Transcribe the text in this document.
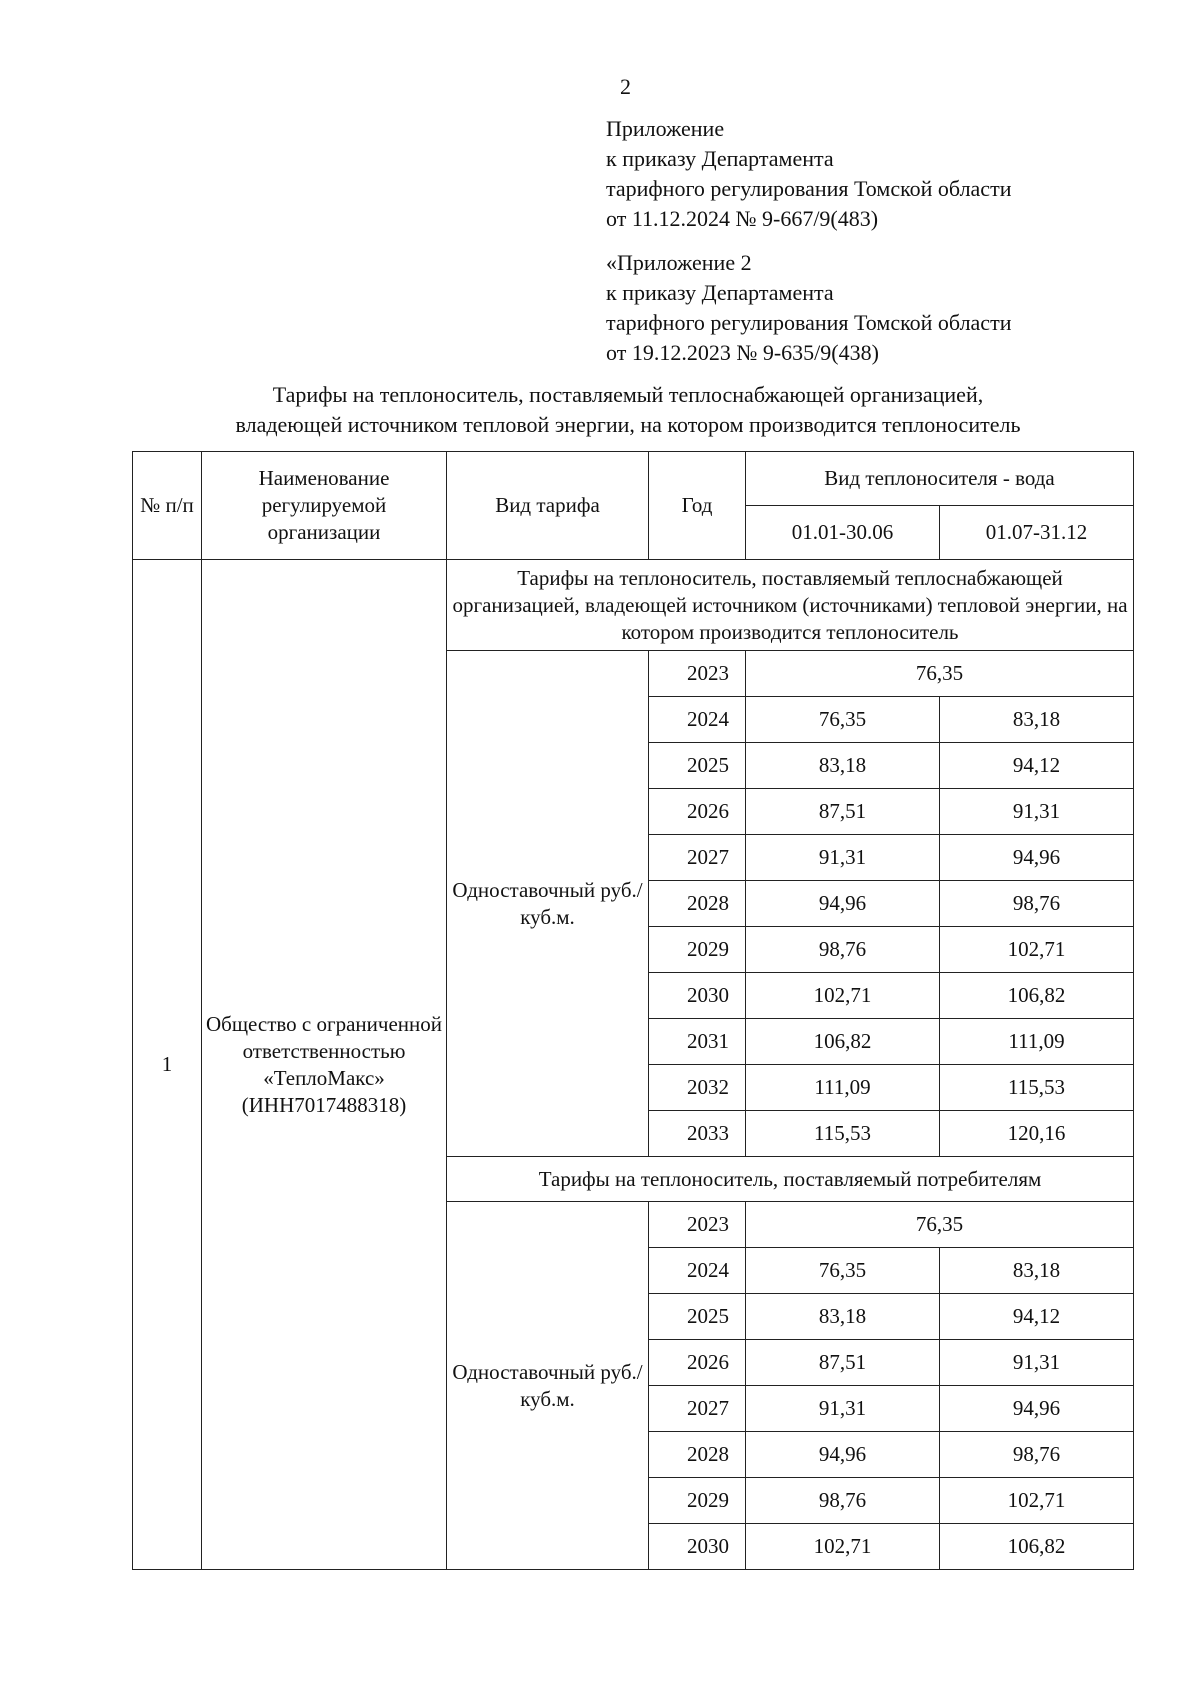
2
Приложение
к приказу Департамента
тарифного регулирования Томской области
от 11.12.2024 № 9-667/9(483)
«Приложение 2
к приказу Департамента
тарифного регулирования Томской области
от 19.12.2023 № 9-635/9(438)
Тарифы на теплоноситель, поставляемый теплоснабжающей организацией,
владеющей источником тепловой энергии, на котором производится теплоноситель
№ п/п	Наименование регулируемой организации	Вид тарифа	Год	Вид теплоносителя - вода	
				01.01-30.06	01.07-31.12
1	Общество с ограниченной ответственностью «ТеплоМакс» (ИНН7017488318)	Тарифы на теплоноситель, поставляемый теплоснабжающей организацией, владеющей источником (источниками) тепловой энергии, на котором производится теплоноситель			
		Одноставочный руб./куб.м.	2023	76,35	
			2024	76,35	83,18
			2025	83,18	94,12
			2026	87,51	91,31
			2027	91,31	94,96
			2028	94,96	98,76
			2029	98,76	102,71
			2030	102,71	106,82
			2031	106,82	111,09
			2032	111,09	115,53
			2033	115,53	120,16
		Тарифы на теплоноситель, поставляемый потребителям			
		Одноставочный руб./куб.м.	2023	76,35	
			2024	76,35	83,18
			2025	83,18	94,12
			2026	87,51	91,31
			2027	91,31	94,96
			2028	94,96	98,76
			2029	98,76	102,71
			2030	102,71	106,82
